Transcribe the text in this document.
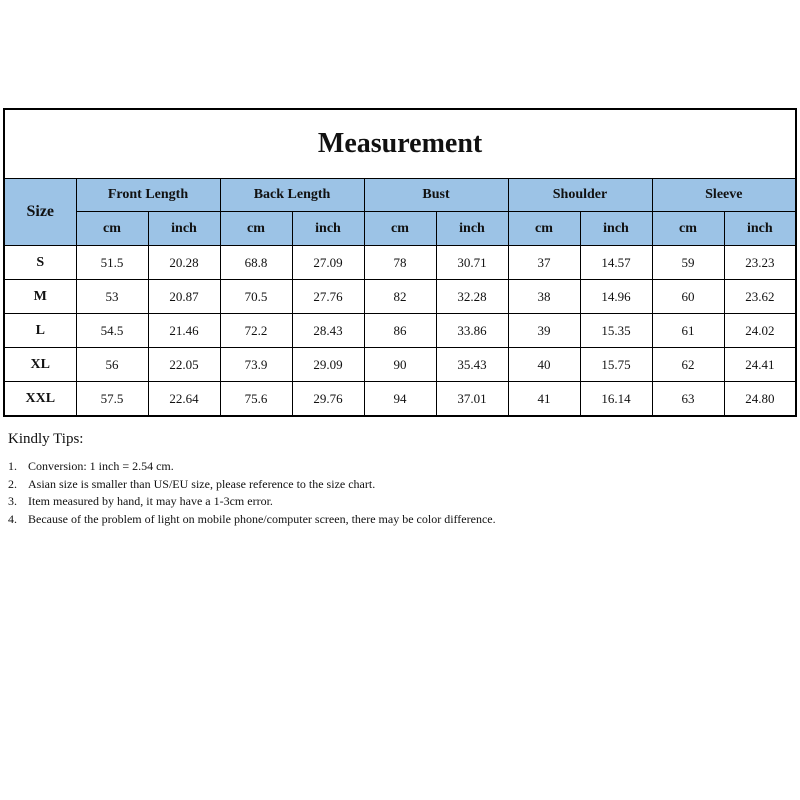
Measurement										
Size	Front Length		Back Length		Bust		Shoulder		Sleeve	
	cm	inch	cm	inch	cm	inch	cm	inch	cm	inch
S	51.5	20.28	68.8	27.09	78	30.71	37	14.57	59	23.23
M	53	20.87	70.5	27.76	82	32.28	38	14.96	60	23.62
L	54.5	21.46	72.2	28.43	86	33.86	39	15.35	61	24.02
XL	56	22.05	73.9	29.09	90	35.43	40	15.75	62	24.41
XXL	57.5	22.64	75.6	29.76	94	37.01	41	16.14	63	24.80
Kindly Tips:
1. Conversion: 1 inch = 2.54 cm.
2. Asian size is smaller than US/EU size, please reference to the size chart.
3. Item measured by hand, it may have a 1-3cm error.
4. Because of the problem of light on mobile phone/computer screen, there may be color difference.
